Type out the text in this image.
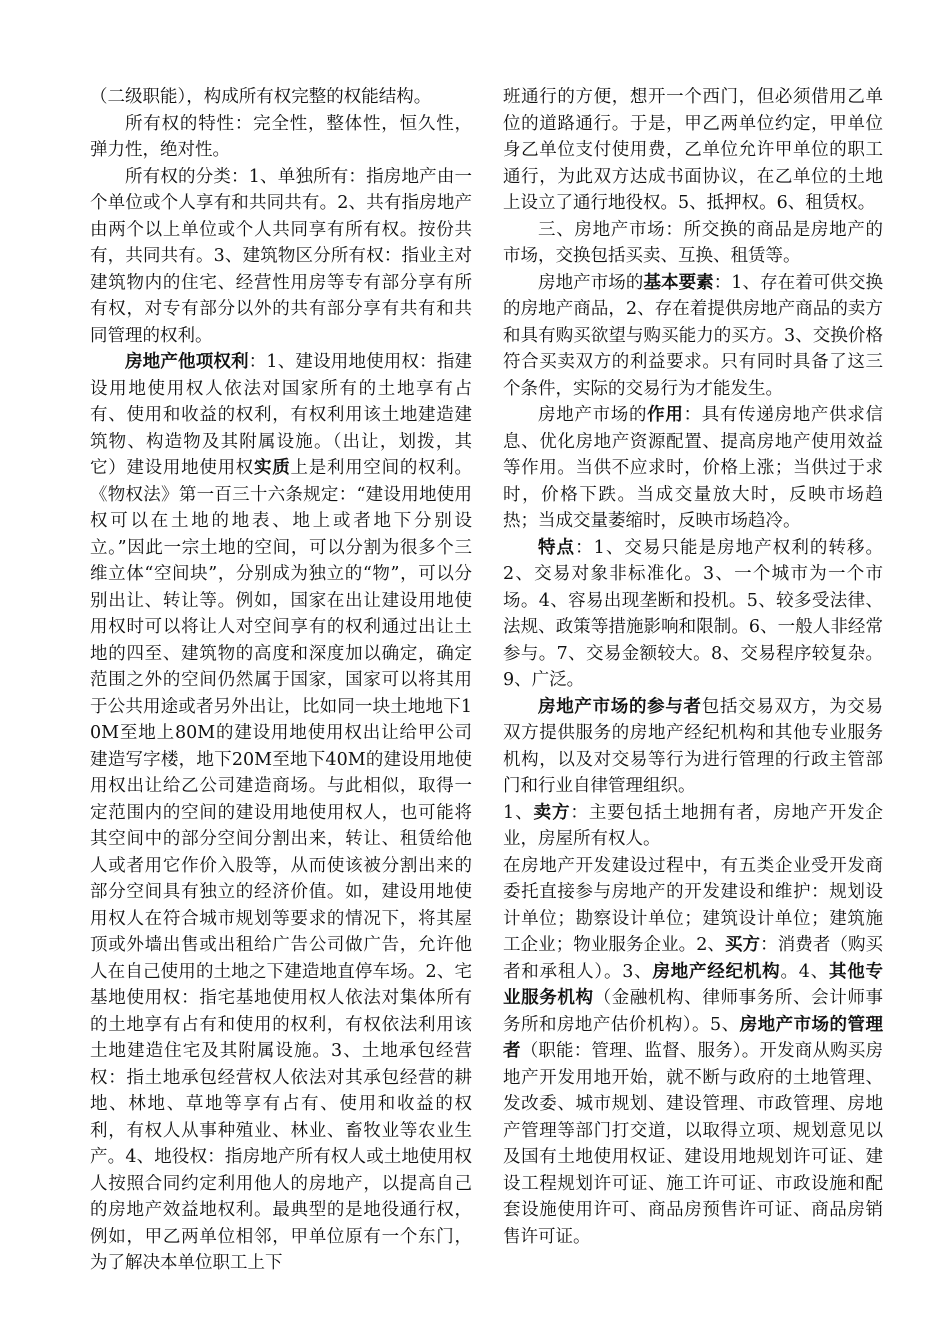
（二级职能），构成所有权完整的权能结构。

所有权的特性：完全性，整体性，恒久性，弹力性，绝对性。

所有权的分类：1、单独所有：指房地产由一个单位或个人享有和共同共有。2、共有指房地产由两个以上单位或个人共同享有所有权。按份共有，共同共有。3、建筑物区分所有权：指业主对建筑物内的住宅、经营性用房等专有部分享有所有权，对专有部分以外的共有部分享有共有和共同管理的权利。

房地产他项权利：1、建设用地使用权：指建设用地使用权人依法对国家所有的土地享有占有、使用和收益的权利，有权利用该土地建造建筑物、构造物及其附属设施。（出让，划拨，其它）建设用地使用权实质上是利用空间的权利。《物权法》第一百三十六条规定：“建设用地使用权可以在土地的地表、地上或者地下分别设立。”因此一宗土地的空间，可以分割为很多个三维立体“空间块”，分别成为独立的“物”，可以分别出让、转让等。例如，国家在出让建设用地使用权时可以将让人对空间享有的权利通过出让土地的四至、建筑物的高度和深度加以确定，确定范围之外的空间仍然属于国家，国家可以将其用于公共用途或者另外出让，比如同一块土地地下10M至地上80M的建设用地使用权出让给甲公司建造写字楼，地下20M至地下40M的建设用地使用权出让给乙公司建造商场。与此相似，取得一定范围内的空间的建设用地使用权人，也可能将其空间中的部分空间分割出来，转让、租赁给他人或者用它作价入股等，从而使该被分割出来的部分空间具有独立的经济价值。如，建设用地使用权人在符合城市规划等要求的情况下，将其屋顶或外墙出售或出租给广告公司做广告，允许他人在自己使用的土地之下建造地直停车场。2、宅基地使用权：指宅基地使用权人依法对集体所有的土地享有占有和使用的权利，有权依法利用该土地建造住宅及其附属设施。3、土地承包经营权：指土地承包经营权人依法对其承包经营的耕地、林地、草地等享有占有、使用和收益的权利，有权人从事种殖业、林业、畜牧业等农业生产。4、地役权：指房地产所有权人或土地使用权人按照合同约定利用他人的房地产，以提高自己的房地产效益地权利。最典型的是地役通行权，例如，甲乙两单位相邻，甲单位原有一个东门，为了解决本单位职工上下

班通行的方便，想开一个西门，但必须借用乙单位的道路通行。于是，甲乙两单位约定，甲单位身乙单位支付使用费，乙单位允许甲单位的职工通行，为此双方达成书面协议，在乙单位的土地上设立了通行地役权。5、抵押权。6、租赁权。

三、房地产市场：所交换的商品是房地产的市场，交换包括买卖、互换、租赁等。

房地产市场的基本要素：1、存在着可供交换的房地产商品，2、存在着提供房地产商品的卖方和具有购买欲望与购买能力的买方。3、交换价格符合买卖双方的利益要求。只有同时具备了这三个条件，实际的交易行为才能发生。

房地产市场的作用：具有传递房地产供求信息、优化房地产资源配置、提高房地产使用效益等作用。当供不应求时，价格上涨；当供过于求时，价格下跌。当成交量放大时，反映市场趋热；当成交量萎缩时，反映市场趋冷。

特点：1、交易只能是房地产权利的转移。2、交易对象非标准化。3、一个城市为一个市场。4、容易出现垄断和投机。5、较多受法律、法规、政策等措施影响和限制。6、一般人非经常参与。7、交易金额较大。8、交易程序较复杂。9、广泛。

房地产市场的参与者包括交易双方，为交易双方提供服务的房地产经纪机构和其他专业服务机构，以及对交易等行为进行管理的行政主管部门和行业自律管理组织。

1、卖方：主要包括土地拥有者，房地产开发企业，房屋所有权人。

在房地产开发建设过程中，有五类企业受开发商委托直接参与房地产的开发建设和维护：规划设计单位；勘察设计单位；建筑设计单位；建筑施工企业；物业服务企业。2、买方：消费者（购买者和承租人）。3、房地产经纪机构。4、其他专业服务机构（金融机构、律师事务所、会计师事务所和房地产估价机构）。5、房地产市场的管理者（职能：管理、监督、服务）。开发商从购买房地产开发用地开始，就不断与政府的土地管理、发改委、城市规划、建设管理、市政管理、房地产管理等部门打交道，以取得立项、规划意见以及国有土地使用权证、建设用地规划许可证、建设工程规划许可证、施工许可证、市政设施和配套设施使用许可、商品房预售许可证、商品房销售许可证。
